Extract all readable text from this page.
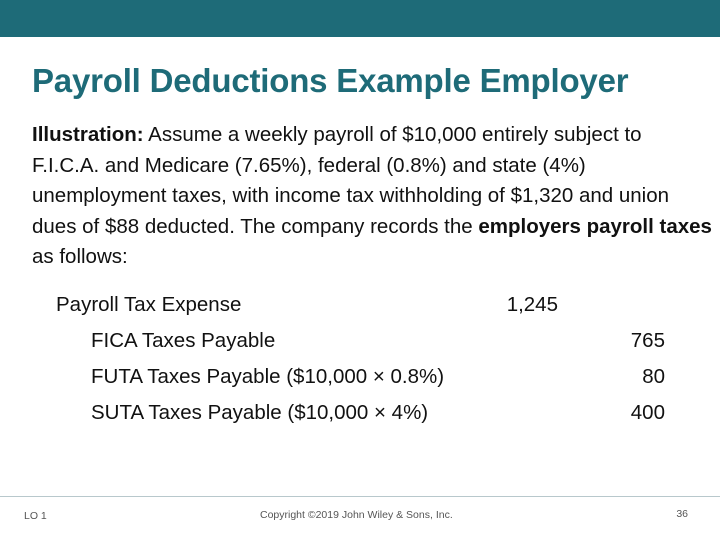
Payroll Deductions Example Employer
Illustration: Assume a weekly payroll of $10,000 entirely subject to F.I.C.A. and Medicare (7.65%), federal (0.8%) and state (4%) unemployment taxes, with income tax withholding of $1,320 and union dues of $88 deducted. The company records the employers payroll taxes as follows:
Payroll Tax Expense	1,245
FICA Taxes Payable	765
FUTA Taxes Payable ($10,000 × 0.8%)	80
SUTA Taxes Payable ($10,000 × 4%)	400
LO 1	Copyright ©2019 John Wiley & Sons, Inc.	36
